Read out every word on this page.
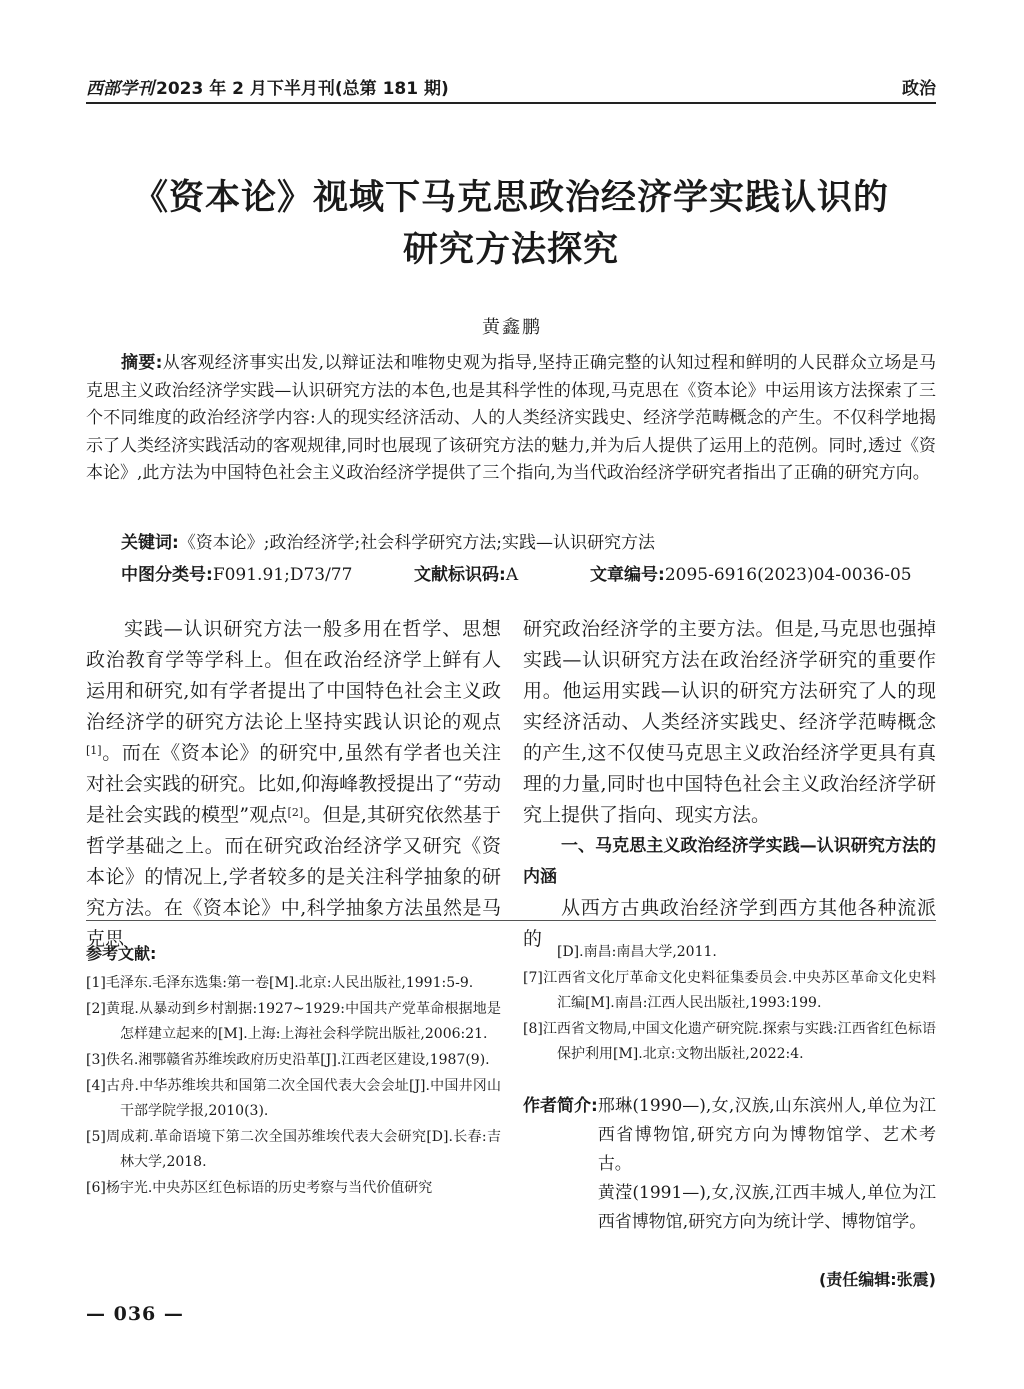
西部学刊 2023 年 2 月下半月刊(总第 181 期)	政治
《资本论》视域下马克思政治经济学实践认识的
研究方法探究
黄鑫鹏

摘要:从客观经济事实出发,以辩证法和唯物史观为指导,坚持正确完整的认知过程和鲜明的人民群众立场是马克思主义政治经济学实践—认识研究方法的本色,也是其科学性的体现,马克思在《资本论》中运用该方法探索了三个不同维度的政治经济学内容:人的现实经济活动、人的人类经济实践史、经济学范畴概念的产生。不仅科学地揭示了人类经济实践活动的客观规律,同时也展现了该研究方法的魅力,并为后人提供了运用上的范例。同时,透过《资本论》,此方法为中国特色社会主义政治经济学提供了三个指向,为当代政治经济学研究者指出了正确的研究方向。

关键词:《资本论》;政治经济学;社会科学研究方法;实践—认识研究方法
中图分类号:F091.91;D73/77	文献标识码:A	文章编号:2095-6916(2023)04-0036-05

实践—认识研究方法一般多用在哲学、思想政治教育学等学科上。但在政治经济学上鲜有人运用和研究,如有学者提出了中国特色社会主义政治经济学的研究方法论上坚持实践认识论的观点[1]。而在《资本论》的研究中,虽然有学者也关注对社会实践的研究。比如,仰海峰教授提出了“劳动是社会实践的模型”观点[2]。但是,其研究依然基于哲学基础之上。而在研究政治经济学又研究《资本论》的情况上,学者较多的是关注科学抽象的研究方法。在《资本论》中,科学抽象方法虽然是马克思

研究政治经济学的主要方法。但是,马克思也强掉实践—认识研究方法在政治经济学研究的重要作用。他运用实践—认识的研究方法研究了人的现实经济活动、人类经济实践史、经济学范畴概念的产生,这不仅使马克思主义政治经济学更具有真理的力量,同时也中国特色社会主义政治经济学研究上提供了指向、现实方法。

一、马克思主义政治经济学实践—认识研究方法的内涵

从西方古典政治经济学到西方其他各种流派的

参考文献:
[1]毛泽东.毛泽东选集:第一卷[M].北京:人民出版社,1991:5-9.
[2]黄琨.从暴动到乡村割据:1927~1929:中国共产党革命根据地是怎样建立起来的[M].上海:上海社会科学院出版社,2006:21.
[3]佚名.湘鄂赣省苏维埃政府历史沿革[J].江西老区建设,1987(9).
[4]古舟.中华苏维埃共和国第二次全国代表大会会址[J].中国井冈山干部学院学报,2010(3).
[5]周成莉.革命语境下第二次全国苏维埃代表大会研究[D].长春:吉林大学,2018.
[6]杨宇光.中央苏区红色标语的历史考察与当代价值研究
[D].南昌:南昌大学,2011.
[7]江西省文化厅革命文化史料征集委员会.中央苏区革命文化史料汇编[M].南昌:江西人民出版社,1993:199.
[8]江西省文物局,中国文化遗产研究院.探索与实践:江西省红色标语保护利用[M].北京:文物出版社,2022:4.
作者简介: 邢琳(1990—),女,汉族,山东滨州人,单位为江西省博物馆,研究方向为博物馆学、艺术考古。

黄滢(1991—),女,汉族,江西丰城人,单位为江西省博物馆,研究方向为统计学、博物馆学。

(责任编辑:张震)
— 036 —
